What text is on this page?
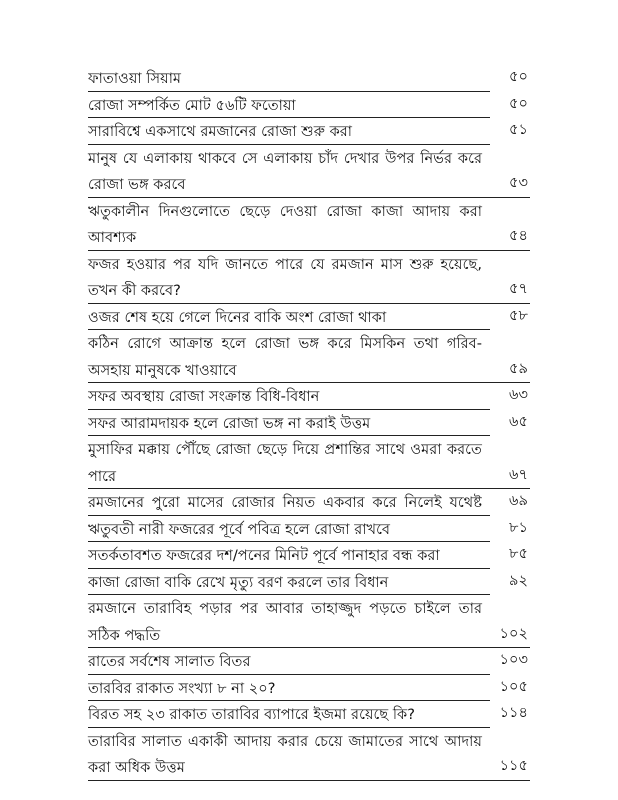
ফাতাওয়া সিয়াম	৫০
রোজা সম্পর্কিত মোট ৫৬টি ফতোয়া	৫০
সারাবিশ্বে একসাথে রমজানের রোজা শুরু করা	৫১
মানুষ যে এলাকায় থাকবে সে এলাকায় চাঁদ দেখার উপর নির্ভর করে রোজা ভঙ্গ করবে	৫৩
ঋতুকালীন দিনগুলোতে ছেড়ে দেওয়া রোজা কাজা আদায় করা আবশ্যক	৫৪
ফজর হওয়ার পর যদি জানতে পারে যে রমজান মাস শুরু হয়েছে, তখন কী করবে?	৫৭
ওজর শেষ হয়ে গেলে দিনের বাকি অংশ রোজা থাকা	৫৮
কঠিন রোগে আক্রান্ত হলে রোজা ভঙ্গ করে মিসকিন তথা গরিব-অসহায় মানুষকে খাওয়াবে	৫৯
সফর অবস্থায় রোজা সংক্রান্ত বিধি-বিধান	৬৩
সফর আরামদায়ক হলে রোজা ভঙ্গ না করাই উত্তম	৬৫
মুসাফির মক্কায় পৌঁছে রোজা ছেড়ে দিয়ে প্রশান্তির সাথে ওমরা করতে পারে	৬৭
রমজানের পুরো মাসের রোজার নিয়ত একবার করে নিলেই যথেষ্ট ৬৯
ঋতুবতী নারী ফজরের পূর্বে পবিত্র হলে রোজা রাখবে	৮১
সতর্কতাবশত ফজরের দশ/পনের মিনিট পূর্বে পানাহার বন্ধ করা	৮৫
কাজা রোজা বাকি রেখে মৃত্যু বরণ করলে তার বিধান	৯২
রমজানে তারাবিহ পড়ার পর আবার তাহাজ্জুদ পড়তে চাইলে তার সঠিক পদ্ধতি	১০২
রাতের সর্বশেষ সালাত বিতর	১০৩
তারবির রাকাত সংখ্যা ৮ না ২০?	১০৫
বিরত সহ ২৩ রাকাত তারাবির ব্যাপারে ইজমা রয়েছে কি?	১১৪
তারাবির সালাত একাকী আদায় করার চেয়ে জামাতের সাথে আদায় করা অধিক উত্তম	১১৫
